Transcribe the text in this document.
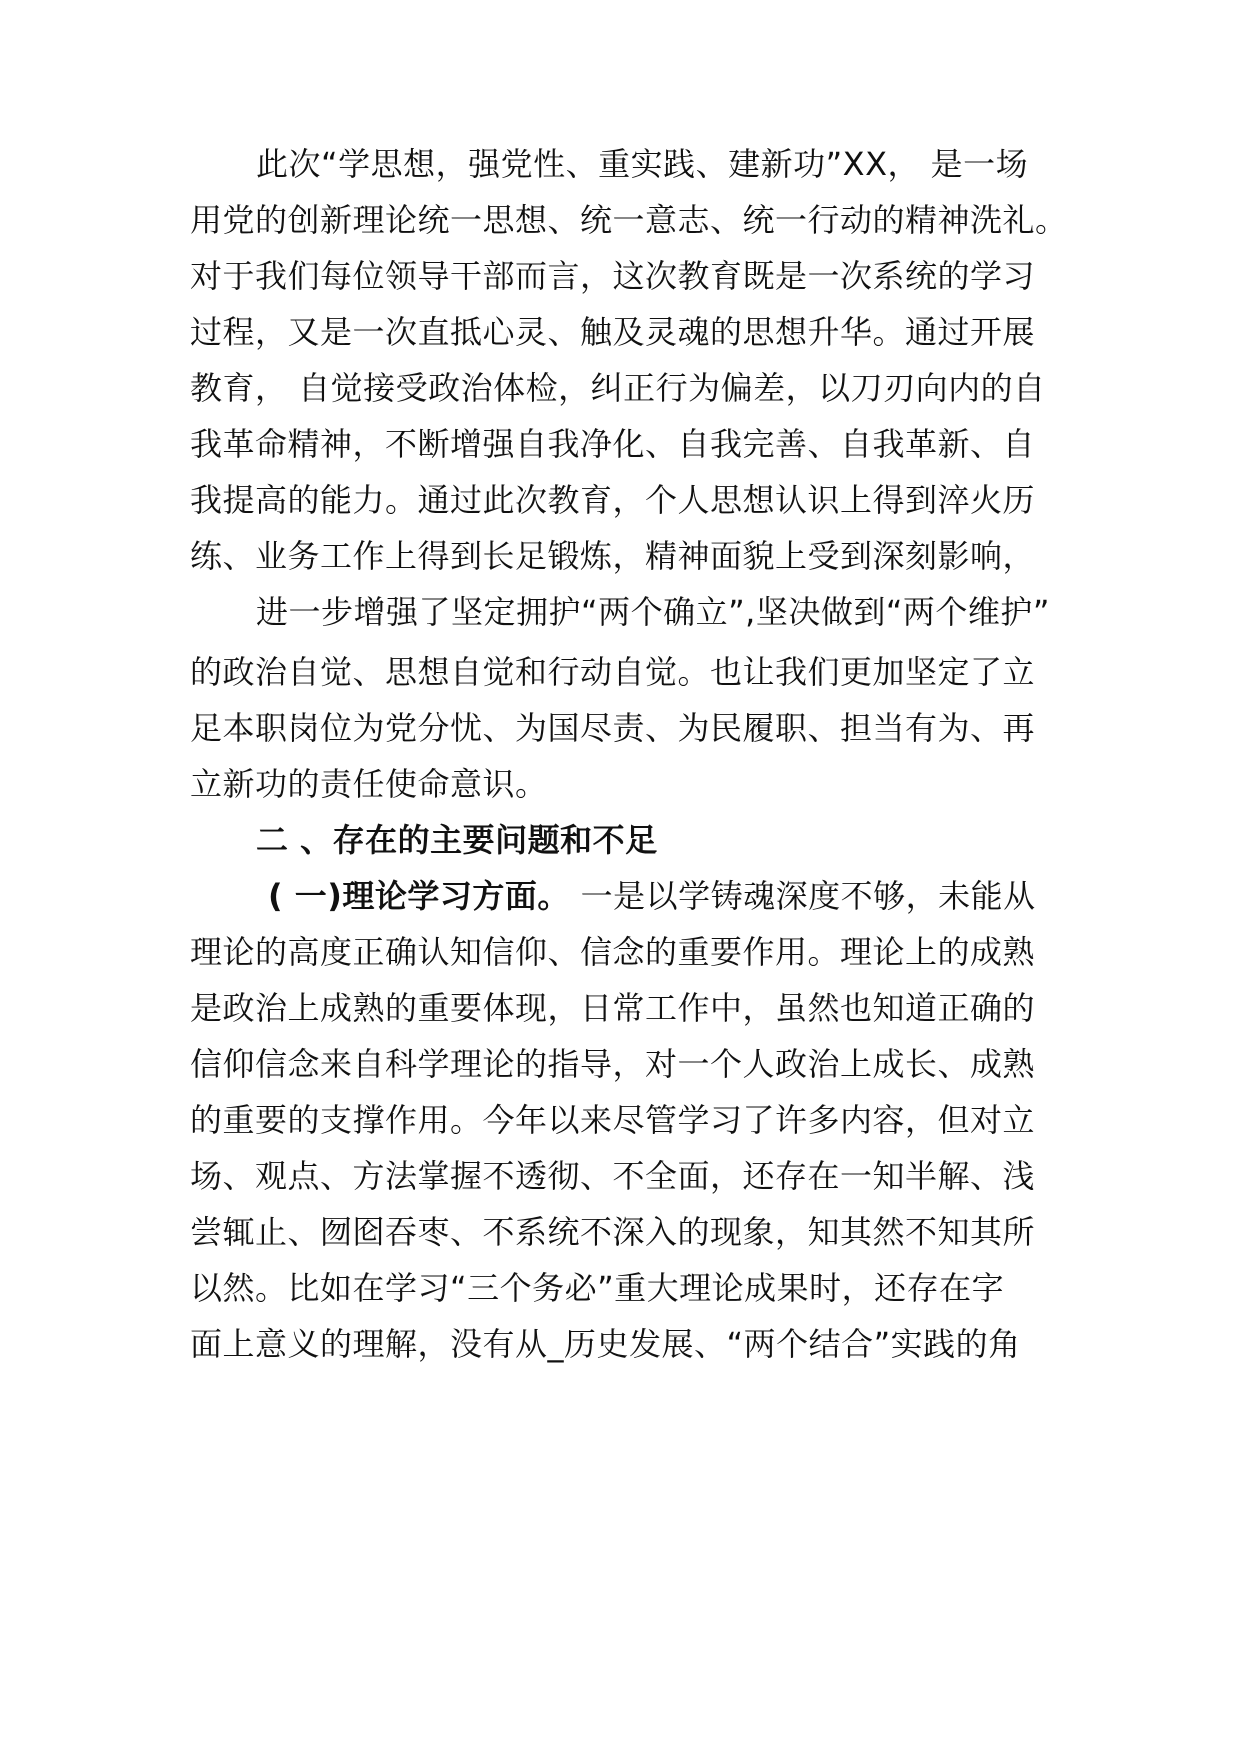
此次“学思想，强党性、重实践、建新功”XX， 是一场
用党的创新理论统一思想、统一意志、统一行动的精神洗礼。
对于我们每位领导干部而言，这次教育既是一次系统的学习
过程，又是一次直抵心灵、触及灵魂的思想升华。通过开展
教育， 自觉接受政治体检，纠正行为偏差，以刀刃向内的自
我革命精神，不断增强自我净化、自我完善、自我革新、自
我提高的能力。通过此次教育，个人思想认识上得到淬火历
练、业务工作上得到长足锻炼，精神面貌上受到深刻影响，
进一步增强了坚定拥护“两个确立”,坚决做到“两个维护”
的政治自觉、思想自觉和行动自觉。也让我们更加坚定了立
足本职岗位为党分忧、为国尽责、为民履职、担当有为、再
立新功的责任使命意识。
二 、存在的主要问题和不足
( 一)理论学习方面。 一是以学铸魂深度不够，未能从
理论的高度正确认知信仰、信念的重要作用。理论上的成熟
是政治上成熟的重要体现，日常工作中，虽然也知道正确的
信仰信念来自科学理论的指导，对一个人政治上成长、成熟
的重要的支撑作用。今年以来尽管学习了许多内容，但对立
场、观点、方法掌握不透彻、不全面，还存在一知半解、浅
尝辄止、囫囵吞枣、不系统不深入的现象，知其然不知其所
以然。比如在学习“三个务必”重大理论成果时，还存在字
面上意义的理解，没有从_历史发展、“两个结合”实践的角
